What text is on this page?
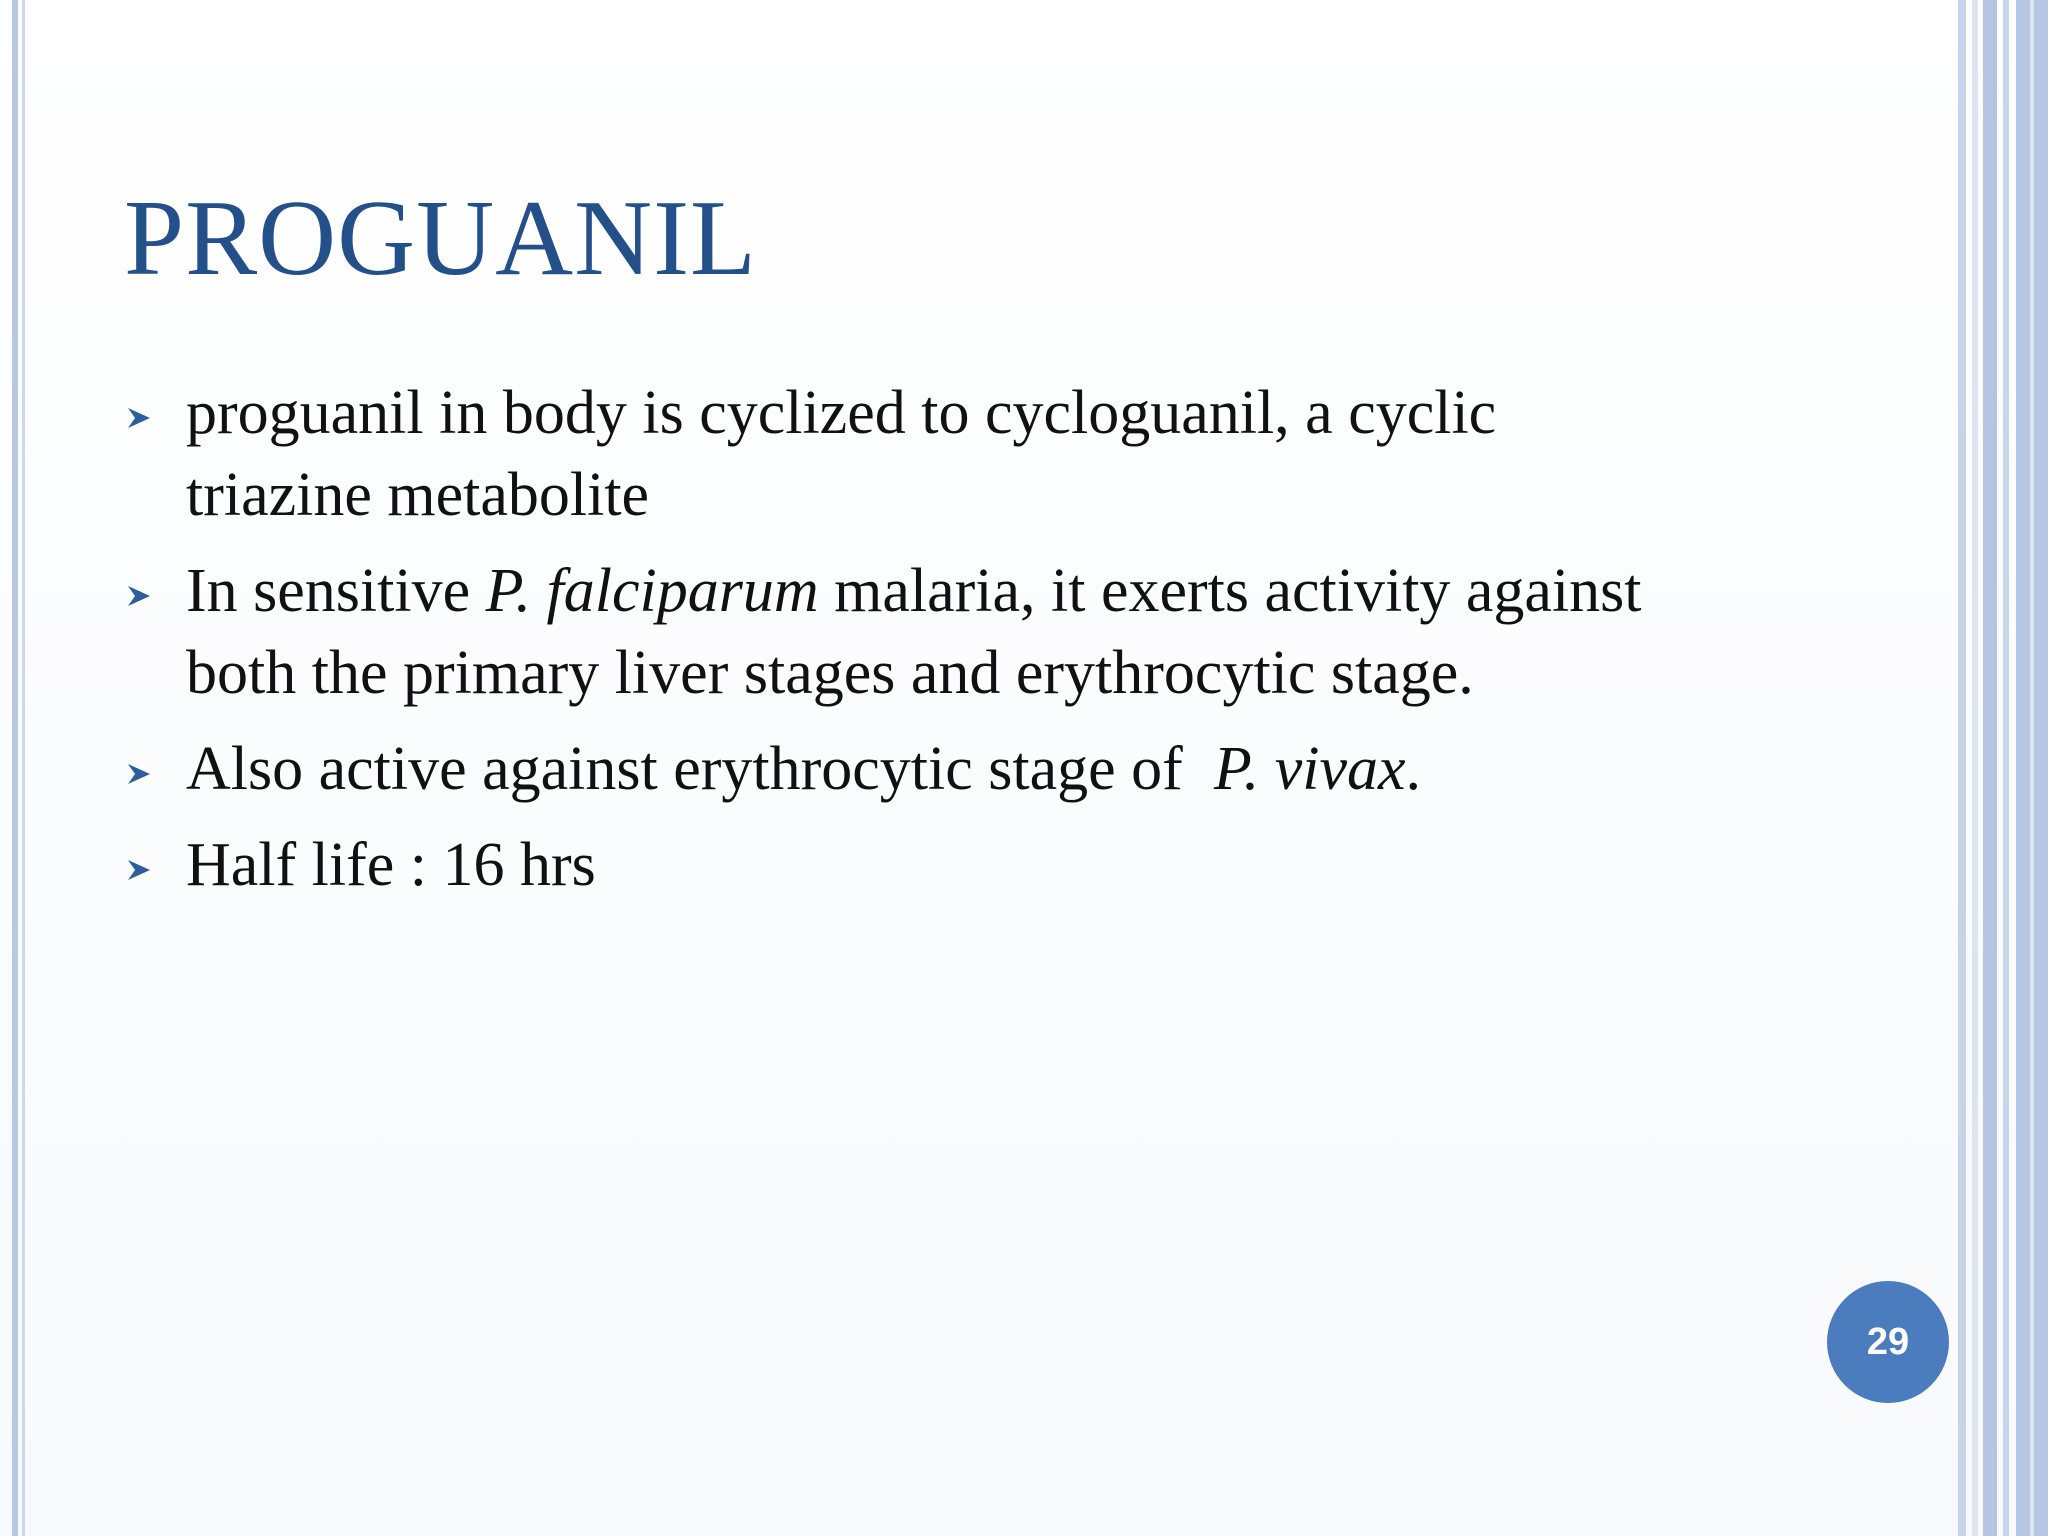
PROGUANIL
proguanil in body is cyclized to cycloguanil, a cyclic triazine metabolite
In sensitive P. falciparum malaria, it exerts activity against both the primary liver stages and erythrocytic stage.
Also active against erythrocytic stage of  P. vivax.
Half life : 16 hrs
29
